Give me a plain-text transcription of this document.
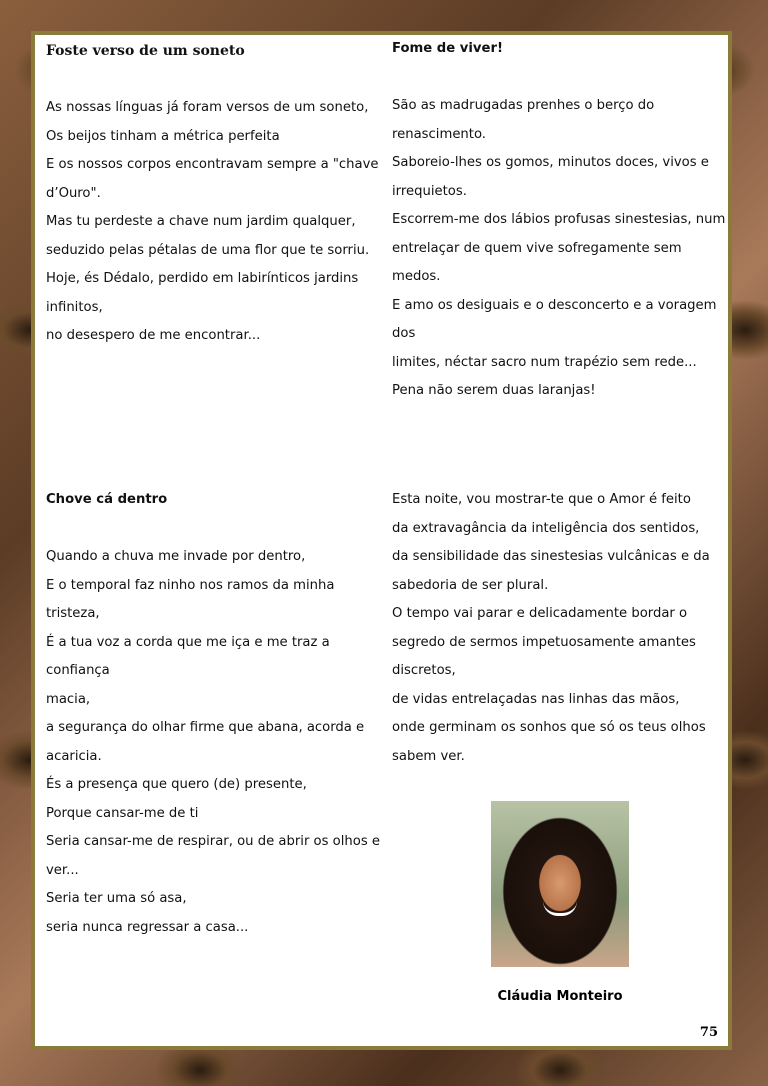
Foste verso de um soneto

As nossas línguas já foram versos de um soneto,

Os beijos tinham a métrica perfeita

E os nossos corpos encontravam sempre a "chave

d’Ouro".

Mas tu perdeste a chave num jardim qualquer,

seduzido pelas pétalas de uma flor que te sorriu.

Hoje, és Dédalo, perdido em labirínticos jardins

infinitos,

no desespero de me encontrar...

Fome de viver!

São as madrugadas prenhes o berço do

renascimento.

Saboreio-lhes os gomos, minutos doces, vivos e

irrequietos.

Escorrem-me dos lábios profusas sinestesias, num

entrelaçar de quem vive sofregamente sem medos.

E amo os desiguais e o desconcerto e a voragem dos

limites, néctar sacro num trapézio sem rede...

Pena não serem duas laranjas!

Chove cá dentro

Quando a chuva me invade por dentro,

E o temporal faz ninho nos ramos da minha tristeza,

É a tua voz a corda que me iça e me traz a confiança

macia,

a segurança do olhar firme que abana, acorda e

acaricia.

És a presença que quero (de) presente,

Porque cansar-me de ti

Seria cansar-me de respirar, ou de abrir os olhos e

ver...

Seria ter uma só asa,

seria nunca regressar a casa...

Esta noite, vou mostrar-te que o Amor é feito

da extravagância da inteligência dos sentidos,

da sensibilidade das sinestesias vulcânicas e da

sabedoria de ser plural.

O tempo vai parar e delicadamente bordar o

segredo de sermos impetuosamente amantes

discretos,

de vidas entrelaçadas nas linhas das mãos,

onde germinam os sonhos que só os teus olhos

sabem ver.

Cláudia Monteiro
75
